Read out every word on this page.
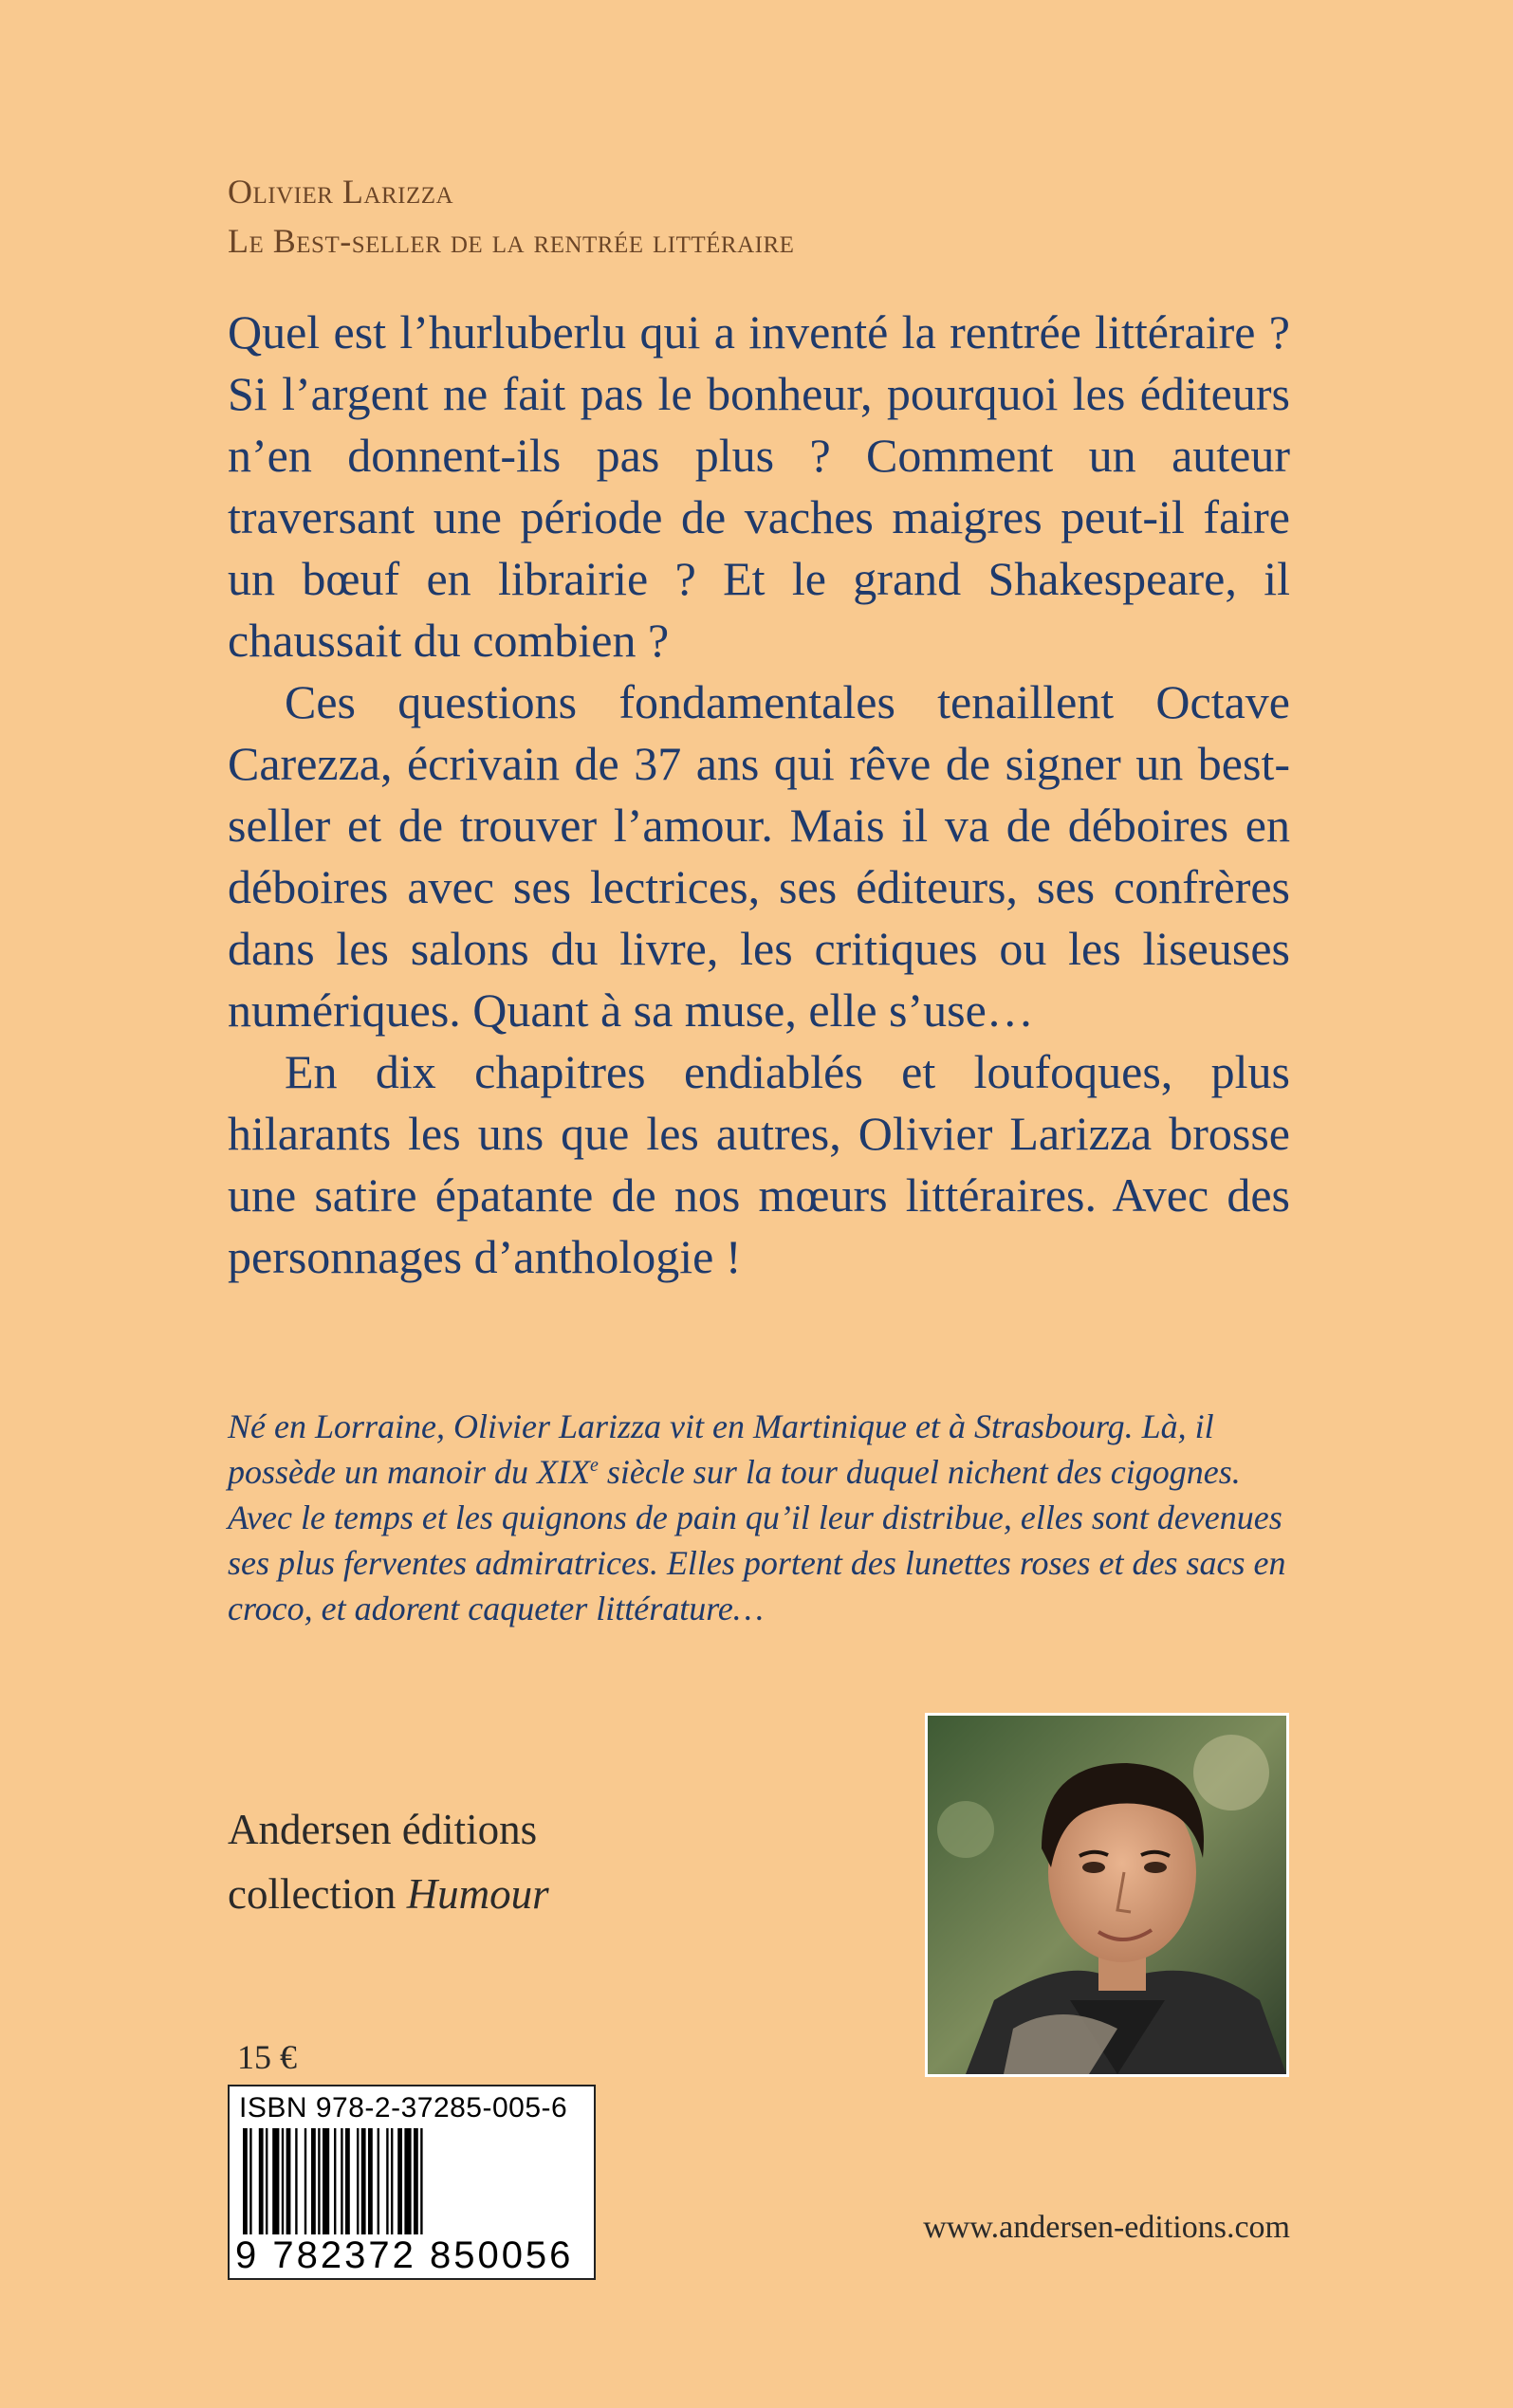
Olivier Larizza
Le Best-seller de la rentrée littéraire

Quel est l’hurluberlu qui a inventé la rentrée littéraire ? Si l’argent ne fait pas le bonheur, pourquoi les éditeurs n’en donnent-ils pas plus ? Comment un auteur traversant une période de vaches maigres peut-il faire un bœuf en librairie ? Et le grand Shakespeare, il chaussait du combien ?

Ces questions fondamentales tenaillent Octave Carezza, écrivain de 37 ans qui rêve de signer un best-seller et de trouver l’amour. Mais il va de déboires en déboires avec ses lectrices, ses éditeurs, ses confrères dans les salons du livre, les critiques ou les liseuses numériques. Quant à sa muse, elle s’use…

En dix chapitres endiablés et loufoques, plus hilarants les uns que les autres, Olivier Larizza brosse une satire épatante de nos mœurs littéraires. Avec des personnages d’anthologie !

Né en Lorraine, Olivier Larizza vit en Martinique et à Strasbourg. Là, il possède un manoir du XIXe siècle sur la tour duquel nichent des cigognes. Avec le temps et les quignons de pain qu’il leur distribue, elles sont devenues ses plus ferventes admiratrices. Elles portent des lunettes roses et des sacs en croco, et adorent caqueter littérature…
Andersen éditions
collection Humour
15 €
ISBN 978-2-37285-005-6
9 782372 850056
www.andersen-editions.com
